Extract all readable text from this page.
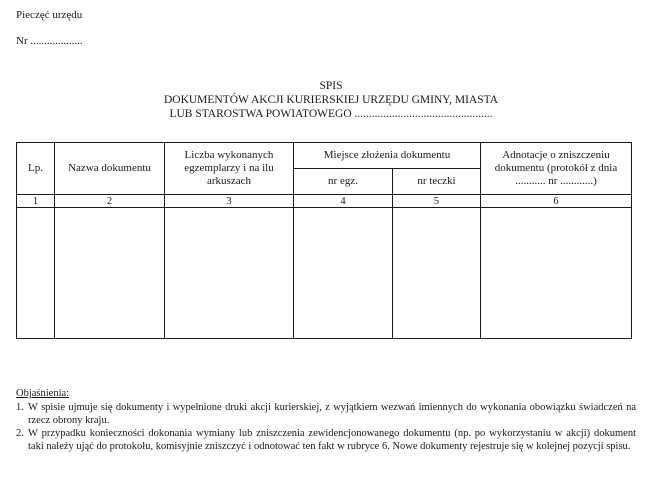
Pieczęć urzędu
Nr ...................
SPIS
DOKUMENTÓW AKCJI KURIERSKIEJ URZĘDU GMINY, MIASTA
LUB STAROSTWA POWIATOWEGO ................................................
Lp.	Nazwa dokumentu	Liczba wykonanych egzemplarzy i na ilu arkuszach	Miejsce złożenia dokumentu		Adnotacje o zniszczeniu dokumentu (protokół z dnia ........... nr ............)
			nr egz.	nr teczki	
1	2	3	4	5	6

Objaśnienia:
1. W spisie ujmuje się dokumenty i wypełnione druki akcji kurierskiej, z wyjątkiem wezwań imiennych do wykonania obowiązku świadczeń na rzecz obrony kraju.
2. W przypadku konieczności dokonania wymiany lub zniszczenia zewidencjonowanego dokumentu (np. po wykorzystaniu w akcji) dokument taki należy ująć do protokołu, komisyjnie zniszczyć i odnotować ten fakt w rubryce 6. Nowe dokumenty rejestruje się w kolejnej pozycji spisu.
